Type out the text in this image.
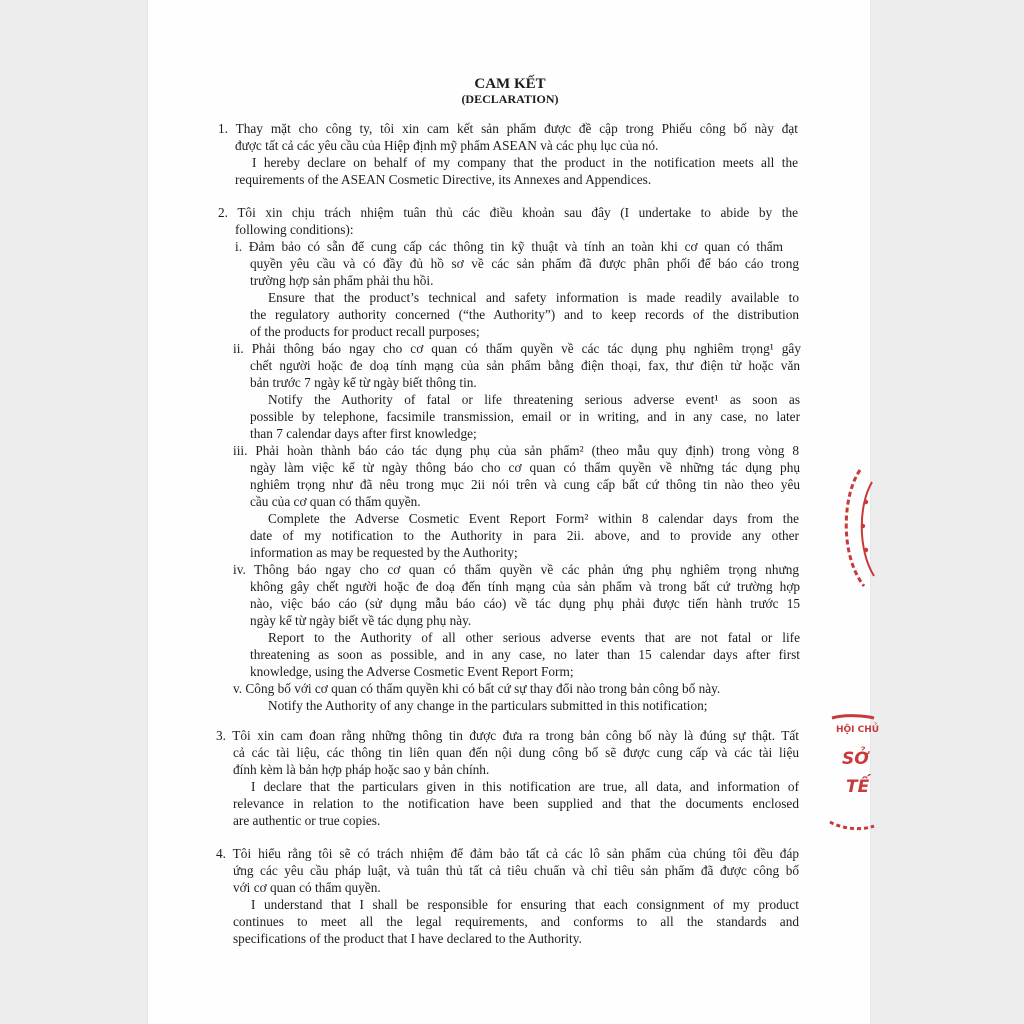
CAM KẾT
(DECLARATION)
1. Thay mặt cho công ty, tôi xin cam kết sản phẩm được đề cập trong Phiếu công bố này đạt
được tất cả các yêu cầu của Hiệp định mỹ phẩm ASEAN và các phụ lục của nó.
I hereby declare on behalf of my company that the product in the notification meets all the
requirements of the ASEAN Cosmetic Directive, its Annexes and Appendices.
2. Tôi xin chịu trách nhiệm tuân thủ các điều khoản sau đây (I undertake to abide by the
following conditions):
i. Đảm bảo có sẵn để cung cấp các thông tin kỹ thuật và tính an toàn khi cơ quan có thẩm
quyền yêu cầu và có đầy đủ hồ sơ về các sản phẩm đã được phân phối để báo cáo trong
trường hợp sản phẩm phải thu hồi.
Ensure that the product’s technical and safety information is made readily available to
the regulatory authority concerned (“the Authority”) and to keep records of the distribution
of the products for product recall purposes;
ii. Phải thông báo ngay cho cơ quan có thẩm quyền về các tác dụng phụ nghiêm trọng¹ gây
chết người hoặc đe doạ tính mạng của sản phẩm bằng điện thoại, fax, thư điện tử hoặc văn
bản trước 7 ngày kể từ ngày biết thông tin.
Notify the Authority of fatal or life threatening serious adverse event¹ as soon as
possible by telephone, facsimile transmission, email or in writing, and in any case, no later
than 7 calendar days after first knowledge;
iii. Phải hoàn thành báo cáo tác dụng phụ của sản phẩm² (theo mẫu quy định) trong vòng 8
ngày làm việc kể từ ngày thông báo cho cơ quan có thẩm quyền về những tác dụng phụ
nghiêm trọng như đã nêu trong mục 2ii nói trên và cung cấp bất cứ thông tin nào theo yêu
cầu của cơ quan có thẩm quyền.
Complete the Adverse Cosmetic Event Report Form² within 8 calendar days from the
date of my notification to the Authority in para 2ii. above, and to provide any other
information as may be requested by the Authority;
iv. Thông báo ngay cho cơ quan có thẩm quyền về các phản ứng phụ nghiêm trọng nhưng
không gây chết người hoặc đe doạ đến tính mạng của sản phẩm và trong bất cứ trường hợp
nào, việc báo cáo (sử dụng mẫu báo cáo) về tác dụng phụ phải được tiến hành trước 15
ngày kể từ ngày biết về tác dụng phụ này.
Report to the Authority of all other serious adverse events that are not fatal or life
threatening as soon as possible, and in any case, no later than 15 calendar days after first
knowledge, using the Adverse Cosmetic Event Report Form;
v. Công bố với cơ quan có thẩm quyền khi có bất cứ sự thay đổi nào trong bản công bố này.
Notify the Authority of any change in the particulars submitted in this notification;
3. Tôi xin cam đoan rằng những thông tin được đưa ra trong bản công bố này là đúng sự thật. Tất
cả các tài liệu, các thông tin liên quan đến nội dung công bố sẽ được cung cấp và các tài liệu
đính kèm là bản hợp pháp hoặc sao y bản chính.
I declare that the particulars given in this notification are true, all data, and information of
relevance in relation to the notification have been supplied and that the documents enclosed
are authentic or true copies.
4. Tôi hiểu rằng tôi sẽ có trách nhiệm để đảm bảo tất cả các lô sản phẩm của chúng tôi đều đáp
ứng các yêu cầu pháp luật, và tuân thủ tất cả tiêu chuẩn và chỉ tiêu sản phẩm đã được công bố
với cơ quan có thẩm quyền.
I understand that I shall be responsible for ensuring that each consignment of my product
continues to meet all the legal requirements, and conforms to all the standards and
specifications of the product that I have declared to the Authority.
HỘI CHỦ
SỞ
TẾ
